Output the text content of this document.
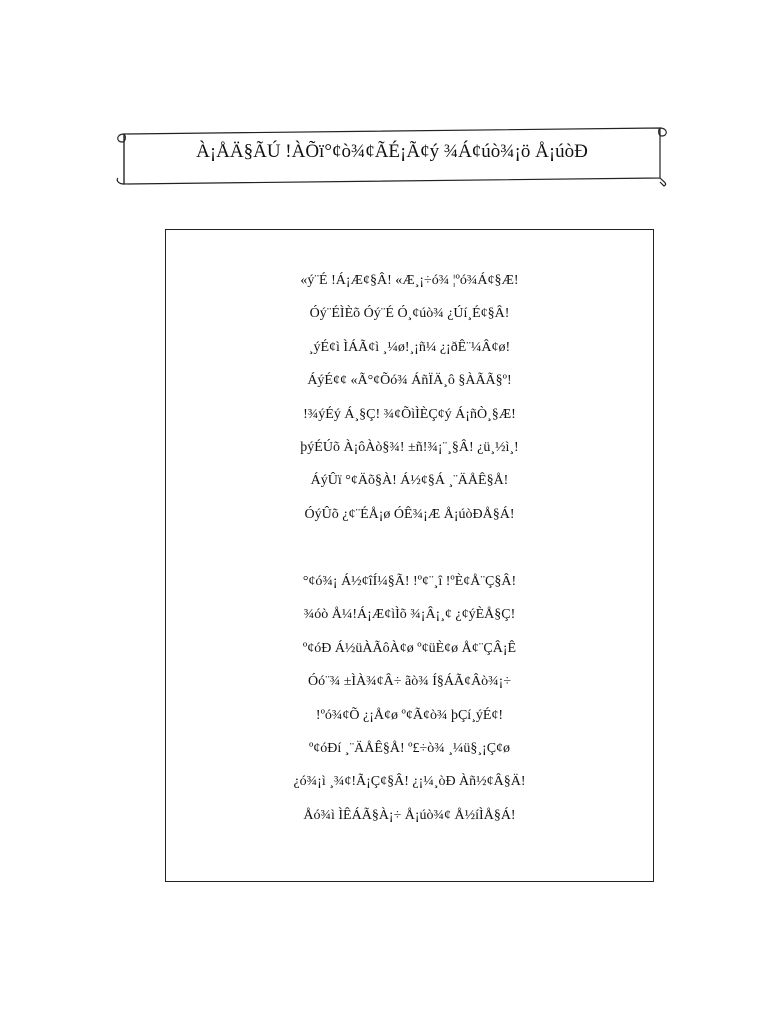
À¡ÅÄ§ÃÚ !ÀÕï°¢ò¾¢ÃÉ¡Ã¢ý ¾Á¢úò¾¡ö Å¡úòÐ
«ý¨É !Á¡Æ¢§Â! «Æ¸¡÷ó¾ ¦ºó¾Á¢§Æ!
Óý¨ÉÌÈõ Óý¨É Ó¸¢úò¾ ¿Úí¸É¢§Â!
¸ýÉ¢ì ÌÁÃ¢ì ¸¼ø!¸¡ñ¼ ¿¡ðÊ¨¼Â¢ø!
ÁýÉ¢¢ «Ã°¢Õó¾ ÁñÏÄ¸ô §ÀÃÃ§º!
!¾ýÉý Á¸§Ç! ¾¢ÕìÌÈÇ¢ý Á¡ñÒ¸§Æ!
þýÉÚõ À¡ôÀò§¾! ±ñ!¾¡¨¸§Â! ¿ü¸½ì¸!
ÁýÛï °¢Äõ§À! Á½¢§Á ¸¨ÄÅÊ§Å!
ÓýÛõ ¿¢¨ÉÅ¡ø ÓÊ¾¡Æ Å¡úòÐÅ§Á!
°¢ó¾¡ Á½¢îÍ¼§Ã! !º¢¨¸î !ºÈ¢Å¨Ç§Â!
¾óò Å¼!Á¡Æ¢ìÌõ ¾¡Â¡¸¢ ¿¢ýÈÅ§Ç!
º¢óÐ Á½üÀÃôÀ¢ø º¢üÈ¢ø Å¢¨ÇÂ¡Ê
Óó¨¾ ±ÌÀ¾¢Â÷ ãò¾ Í§ÁÃ¢Âò¾¡÷
!ºó¾¢Õ ¿¡Å¢ø º¢Ã¢ò¾ þÇí¸ýÉ¢!
º¢óÐí ¸¨ÄÅÊ§Å! º£÷ò¾ ¸¼ü§¸¡Ç¢ø
¿ó¾¡ì ¸¾¢!Ã¡Ç¢§Â! ¿¡¼¸òÐ Àñ½¢Â§Ä!
Åó¾ì ÌÊÁÃ§À¡÷ Å¡úò¾¢ Å½íÌÅ§Á!
